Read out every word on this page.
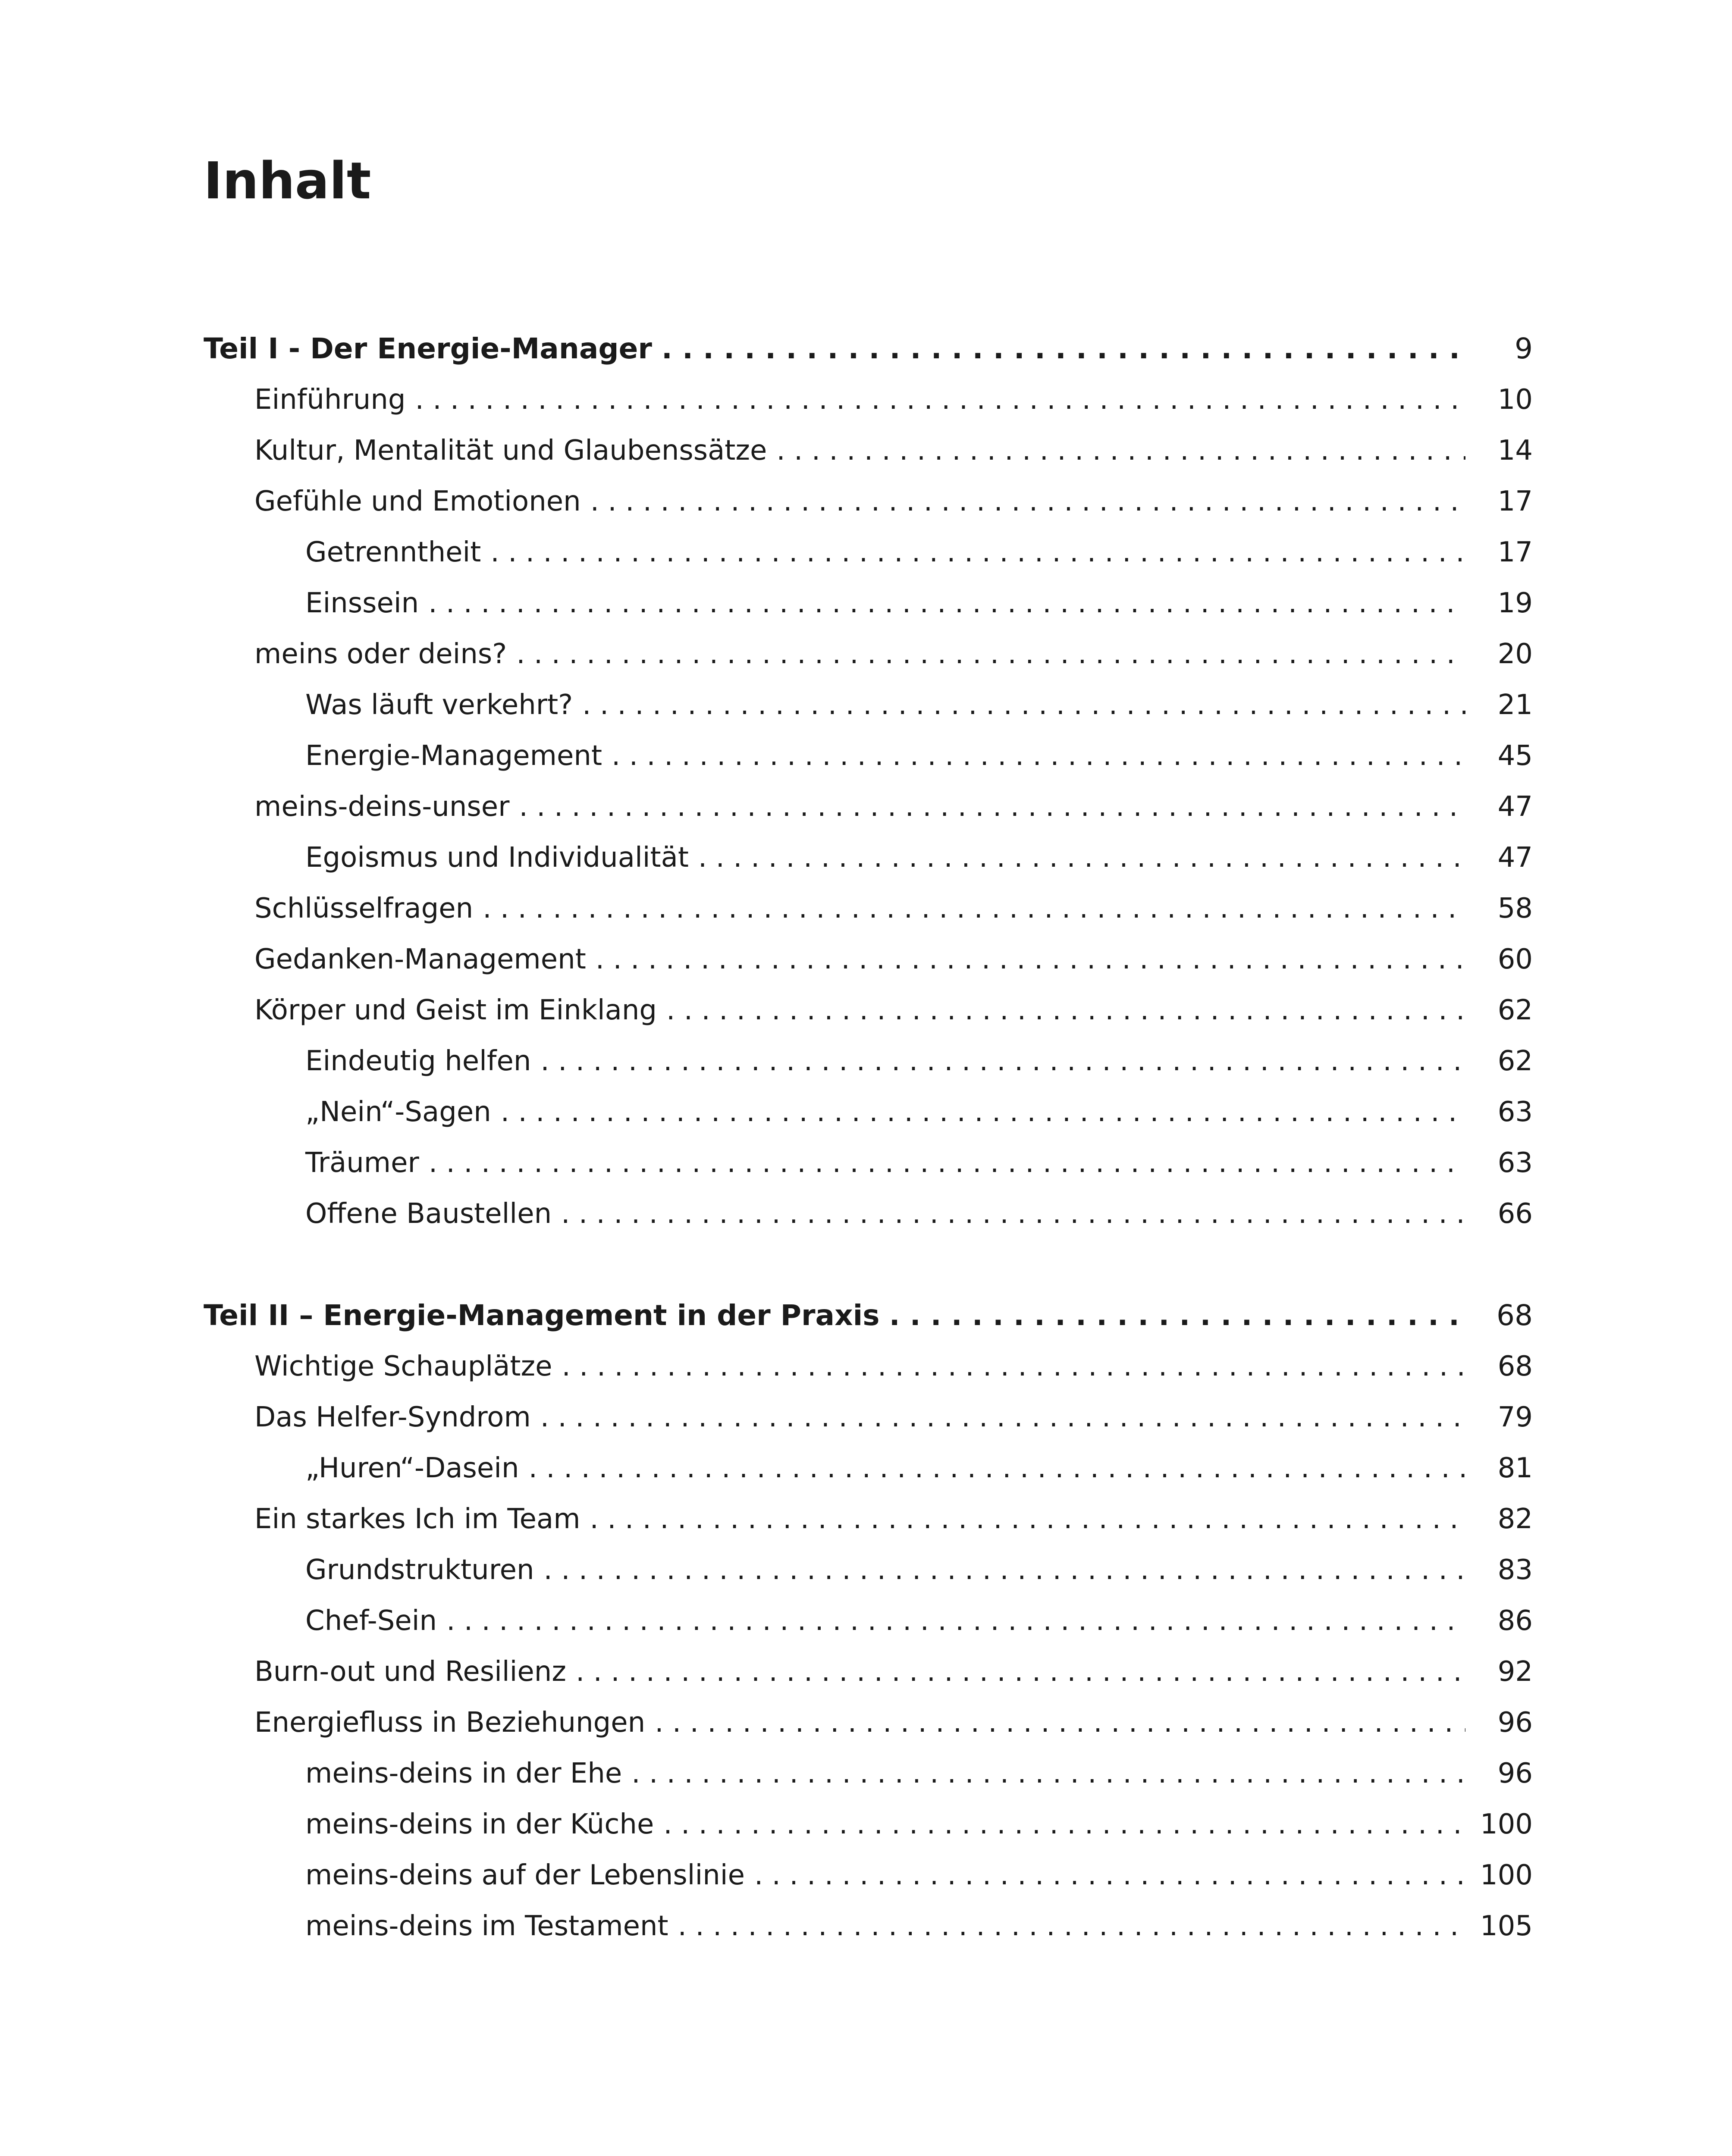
Inhalt
Teil I - Der Energie-Manager . . .	9
Einführung . . .	10
Kultur, Mentalität und Glaubenssätze . . .	14
Gefühle und Emotionen . . .	17
Getrenntheit . . .	17
Einssein . . .	19
meins oder deins? . . .	20
Was läuft verkehrt? . . .	21
Energie-Management . . .	45
meins-deins-unser . . .	47
Egoismus und Individualität . . .	47
Schlüsselfragen . . .	58
Gedanken-Management . . .	60
Körper und Geist im Einklang . . .	62
Eindeutig helfen . . .	62
„Nein“-Sagen . . .	63
Träumer . . .	63
Offene Baustellen . . .	66
Teil II – Energie-Management in der Praxis . . .	68
Wichtige Schauplätze . . .	68
Das Helfer-Syndrom . . .	79
„Huren“-Dasein . . .	81
Ein starkes Ich im Team . . .	82
Grundstrukturen . . .	83
Chef-Sein . . .	86
Burn-out und Resilienz . . .	92
Energiefluss in Beziehungen . . .	96
meins-deins in der Ehe . . .	96
meins-deins in der Küche . . .	100
meins-deins auf der Lebenslinie . . .	100
meins-deins im Testament . . .	105
